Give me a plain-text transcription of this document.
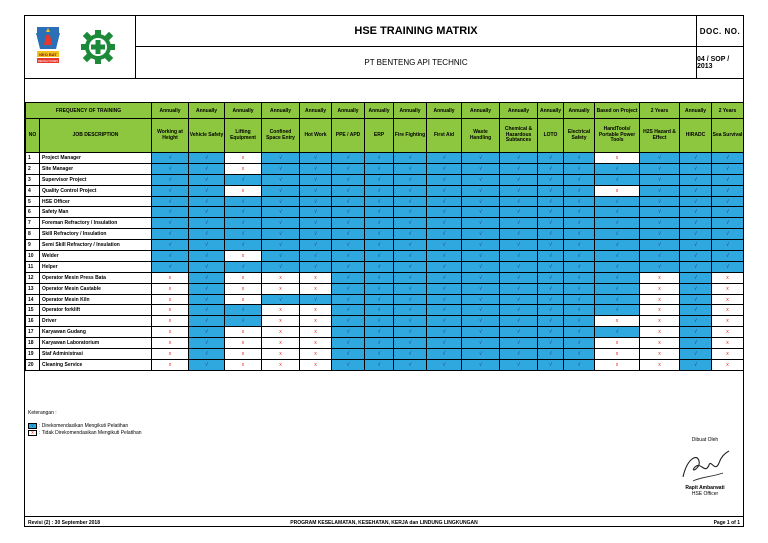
NEO BAT
REFRACTORIES
HSE TRAINING MATRIX
PT BENTENG API TECHNIC
DOC. NO.
04 / SOP / 2013
FREQUENCY OF TRAINING		Annually	Annually	Annually	Annually	Annually	Annually	Annually	Annually	Annually	Annually	Annually	Annually	Annually	Based on Project	2 Years	Annually	2 Years
NO	JOB DESCRIPTION	Working at Height	Vehicle Safety	Lifting Equipment	Confined Space Entry	Hot Work	PPE / APD	ERP	Fire Fighting	First Aid	Waste Handling	Chemical & Hazardous Subtances	LOTO	Electrical Safety	HandTools/ Portable Power Tools	H2S Hazard & Effect	HIRADC	Sea Survival
1	Project Manager	√	√	x	√	√	√	√	√	√	√	√	√	√	x	√	√	√
2	Site Manager	√	√	x	√	√	√	√	√	√	√	√	√	√	√	√	√	√
3	Supervisor Project	√	√	√	√	√	√	√	√	√	√	√	√	√	√	√	√	√
4	Quality Control Project	√	√	x	√	√	√	√	√	√	√	√	√	√	x	√	√	√
5	HSE Officer	√	√	√	√	√	√	√	√	√	√	√	√	√	√	√	√	√
6	Safety Man	√	√	√	√	√	√	√	√	√	√	√	√	√	√	√	√	√
7	Foreman Refractory / Insulation	√	√	√	√	√	√	√	√	√	√	√	√	√	√	√	√	√
8	Skill Refractory / Insulation	√	√	√	√	√	√	√	√	√	√	√	√	√	√	√	√	√
9	Semi Skill Refractory / Insulation	√	√	√	√	√	√	√	√	√	√	√	√	√	√	√	√	√
10	Welder	√	√	x	√	√	√	√	√	√	√	√	√	√	√	√	√	√
11	Helper	√	√	√	√	√	√	√	√	√	√	√	√	√	√	√	√	√
12	Operator Mesin Press Bata	x	√	x	x	x	√	√	√	√	√	√	√	√	√	x	√	x
13	Operator Mesin Castable	x	√	x	x	x	√	√	√	√	√	√	√	√	√	x	√	x
14	Operator Mesin Kiln	x	√	x	√	√	√	√	√	√	√	√	√	√	√	x	√	x
15	Operator forklift	x	√	√	x	x	√	√	√	√	√	√	√	√	√	x	√	x
16	Driver	x	√	√	x	x	√	√	√	√	√	√	√	√	x	x	√	x
17	Karyawan Gudang	x	√	x	x	x	√	√	√	√	√	√	√	√	√	x	√	x
18	Karyawan Laboratorium	x	√	x	x	x	√	√	√	√	√	√	√	√	x	x	√	x
19	Staf Administrasi	x	√	x	x	x	√	√	√	√	√	√	√	√	x	x	√	x
20	Cleaning Service	x	√	x	x	x	√	√	√	√	√	√	√	√	x	x	√	x
Keterangan :
√	: Direkomendasikan Mengikuti Pelatihan
x	: Tidak Direkomendasikan Mengikuti Pelatihan
Dibuat Oleh
Rapit Ambarwati
HSE Officer
Revisi (2) : 30 September 2018	PROGRAM KESELAMATAN, KESEHATAN, KERJA dan LINDUNG LINGKUNGAN	Page 1 of 1
